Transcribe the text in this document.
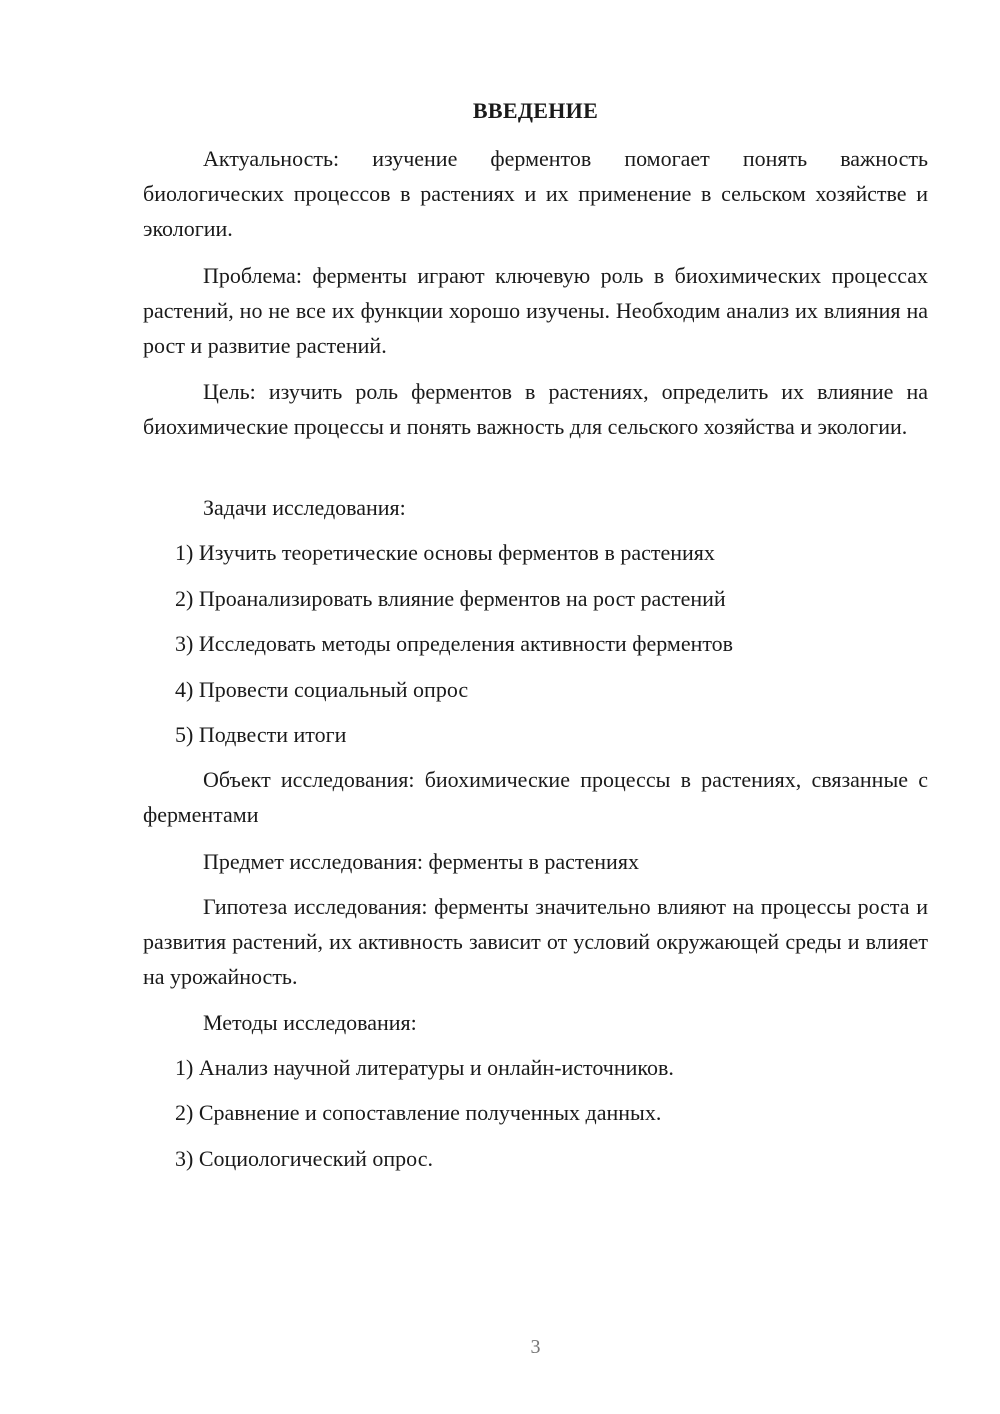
ВВЕДЕНИЕ

Актуальность: изучение ферментов помогает понять важность биологических процессов в растениях и их применение в сельском хозяйстве и экологии.

Проблема: ферменты играют ключевую роль в биохимических процессах растений, но не все их функции хорошо изучены. Необходим анализ их влияния на рост и развитие растений.

Цель: изучить роль ферментов в растениях, определить их влияние на биохимические процессы и понять важность для сельского хозяйства и экологии.

Задачи исследования:

1) Изучить теоретические основы ферментов в растениях

2) Проанализировать влияние ферментов на рост растений

3) Исследовать методы определения активности ферментов

4) Провести социальный опрос

5) Подвести итоги

Объект исследования: биохимические процессы в растениях, связанные с ферментами

Предмет исследования: ферменты в растениях

Гипотеза исследования: ферменты значительно влияют на процессы роста и развития растений, их активность зависит от условий окружающей среды и влияет на урожайность.

Методы исследования:

1) Анализ научной литературы и онлайн-источников.

2) Сравнение и сопоставление полученных данных.

3) Социологический опрос.

3
